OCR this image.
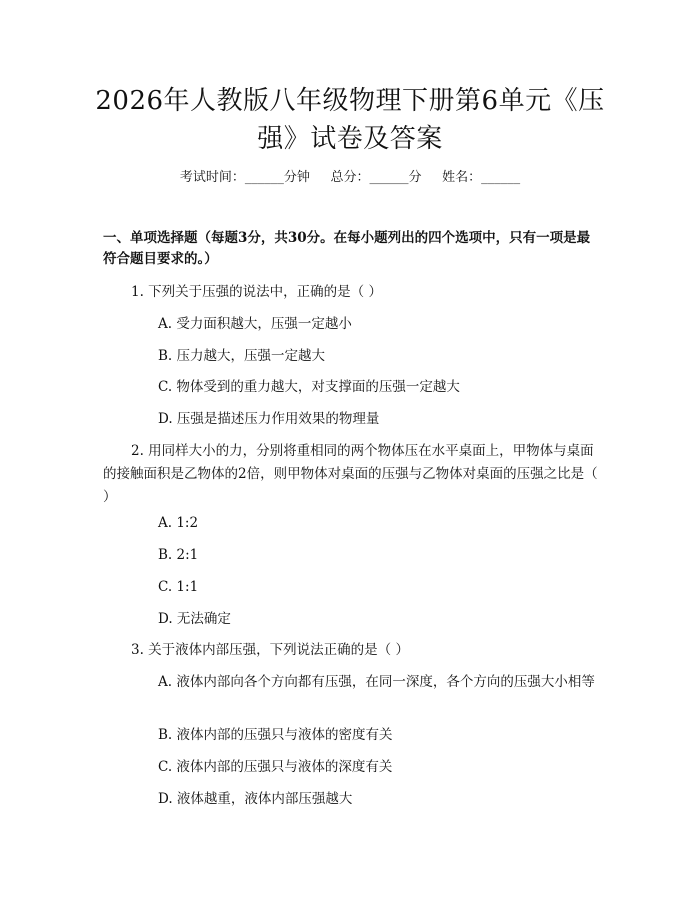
2026年人教版八年级物理下册第6单元《压强》试卷及答案
考试时间：______分钟     总分：______分     姓名：______
一、单项选择题（每题3分，共30分。在每小题列出的四个选项中，只有一项是最符合题目要求的。）
1. 下列关于压强的说法中，正确的是（ ）
A. 受力面积越大，压强一定越小
B. 压力越大，压强一定越大
C. 物体受到的重力越大，对支撑面的压强一定越大
D. 压强是描述压力作用效果的物理量
2. 用同样大小的力，分别将重相同的两个物体压在水平桌面上，甲物体与桌面的接触面积是乙物体的2倍，则甲物体对桌面的压强与乙物体对桌面的压强之比是（ ）
A. 1:2
B. 2:1
C. 1:1
D. 无法确定
3. 关于液体内部压强，下列说法正确的是（ ）
A. 液体内部向各个方向都有压强，在同一深度，各个方向的压强大小相等
B. 液体内部的压强只与液体的密度有关
C. 液体内部的压强只与液体的深度有关
D. 液体越重，液体内部压强越大
